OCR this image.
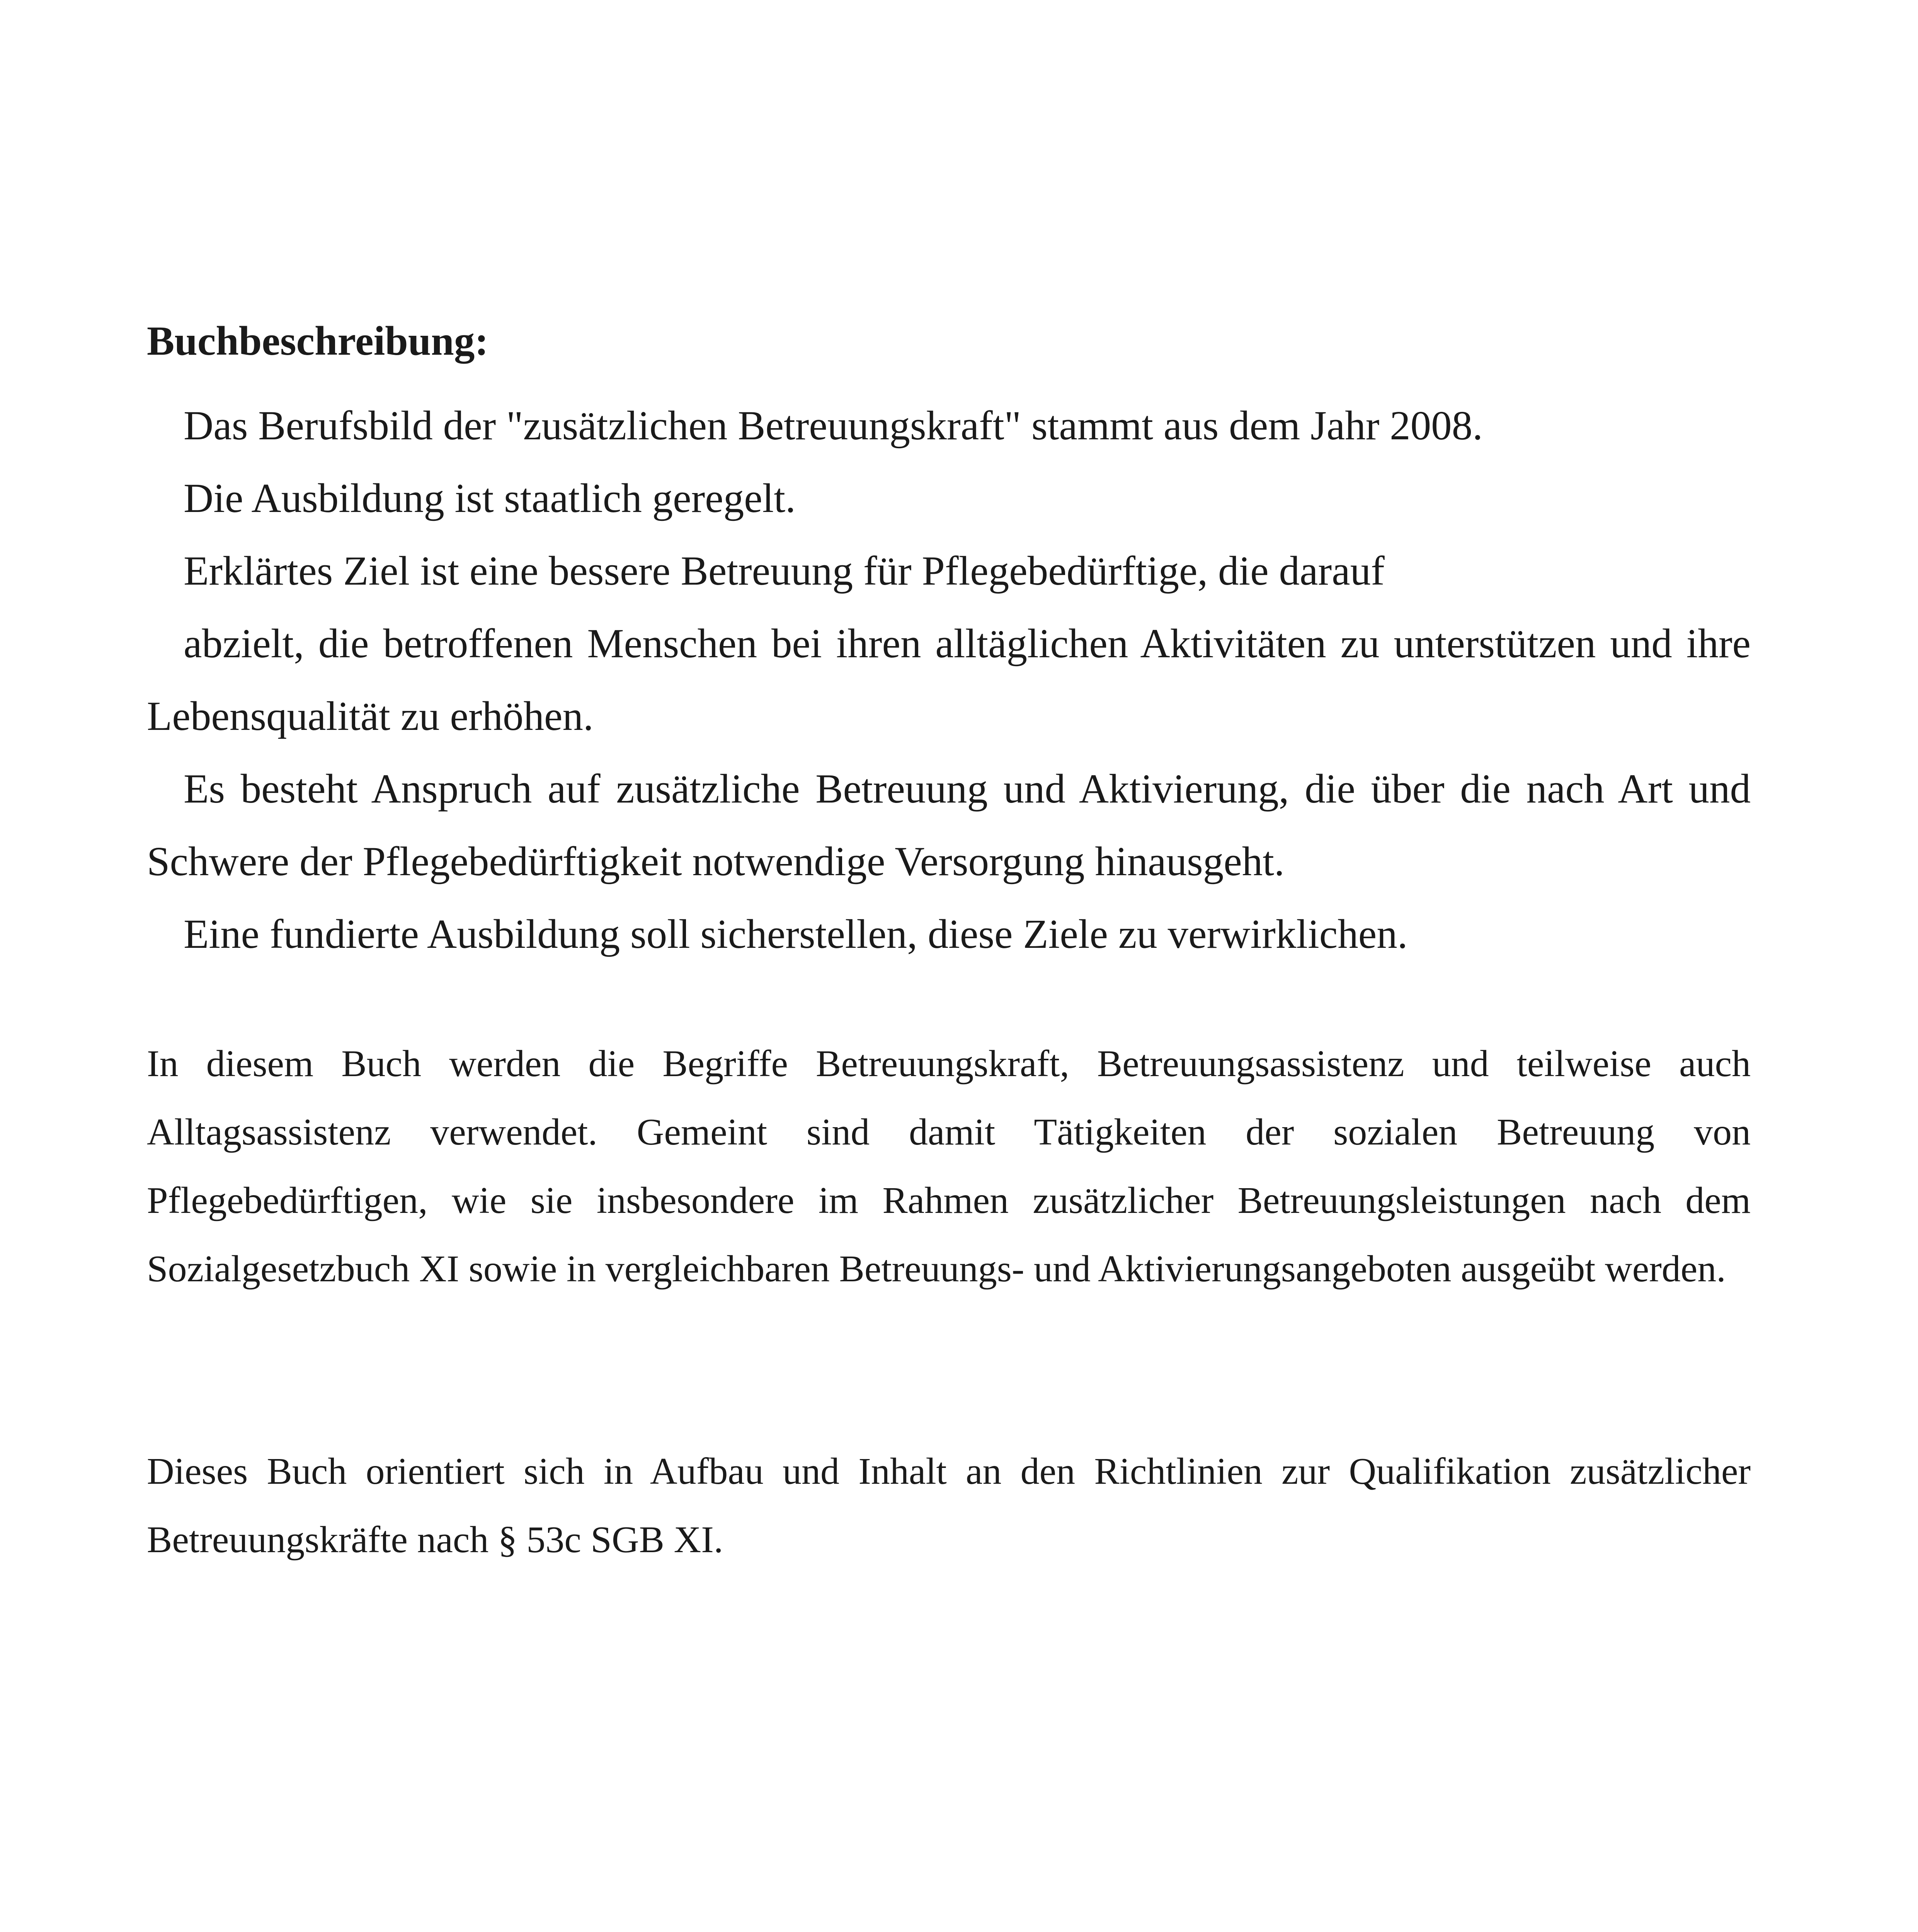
Buchbeschreibung:

Das Berufsbild der "zusätzlichen Betreuungskraft" stammt aus dem Jahr 2008.

Die Ausbildung ist staatlich geregelt.

Erklärtes Ziel ist eine bessere Betreuung für Pflegebedürftige, die darauf

abzielt, die betroffenen Menschen bei ihren alltäglichen Aktivitäten zu unterstützen und ihre Lebensqualität zu erhöhen.

Es besteht Anspruch auf zusätzliche Betreuung und Aktivierung, die über die nach Art und Schwere der Pflegebedürftigkeit notwendige Versorgung hinausgeht.

Eine fundierte Ausbildung soll sicherstellen, diese Ziele zu verwirklichen.

In diesem Buch werden die Begriffe Betreuungskraft, Betreuungsassistenz und teilweise auch Alltagsassistenz verwendet. Gemeint sind damit Tätigkeiten der sozialen Betreuung von Pflegebedürftigen, wie sie insbesondere im Rahmen zusätzlicher Betreuungsleistungen nach dem Sozialgesetzbuch XI sowie in vergleichbaren Betreuungs- und Aktivierungsangeboten ausgeübt werden.

Dieses Buch orientiert sich in Aufbau und Inhalt an den Richtlinien zur Qualifikation zusätzlicher Betreuungskräfte nach § 53c SGB XI.
